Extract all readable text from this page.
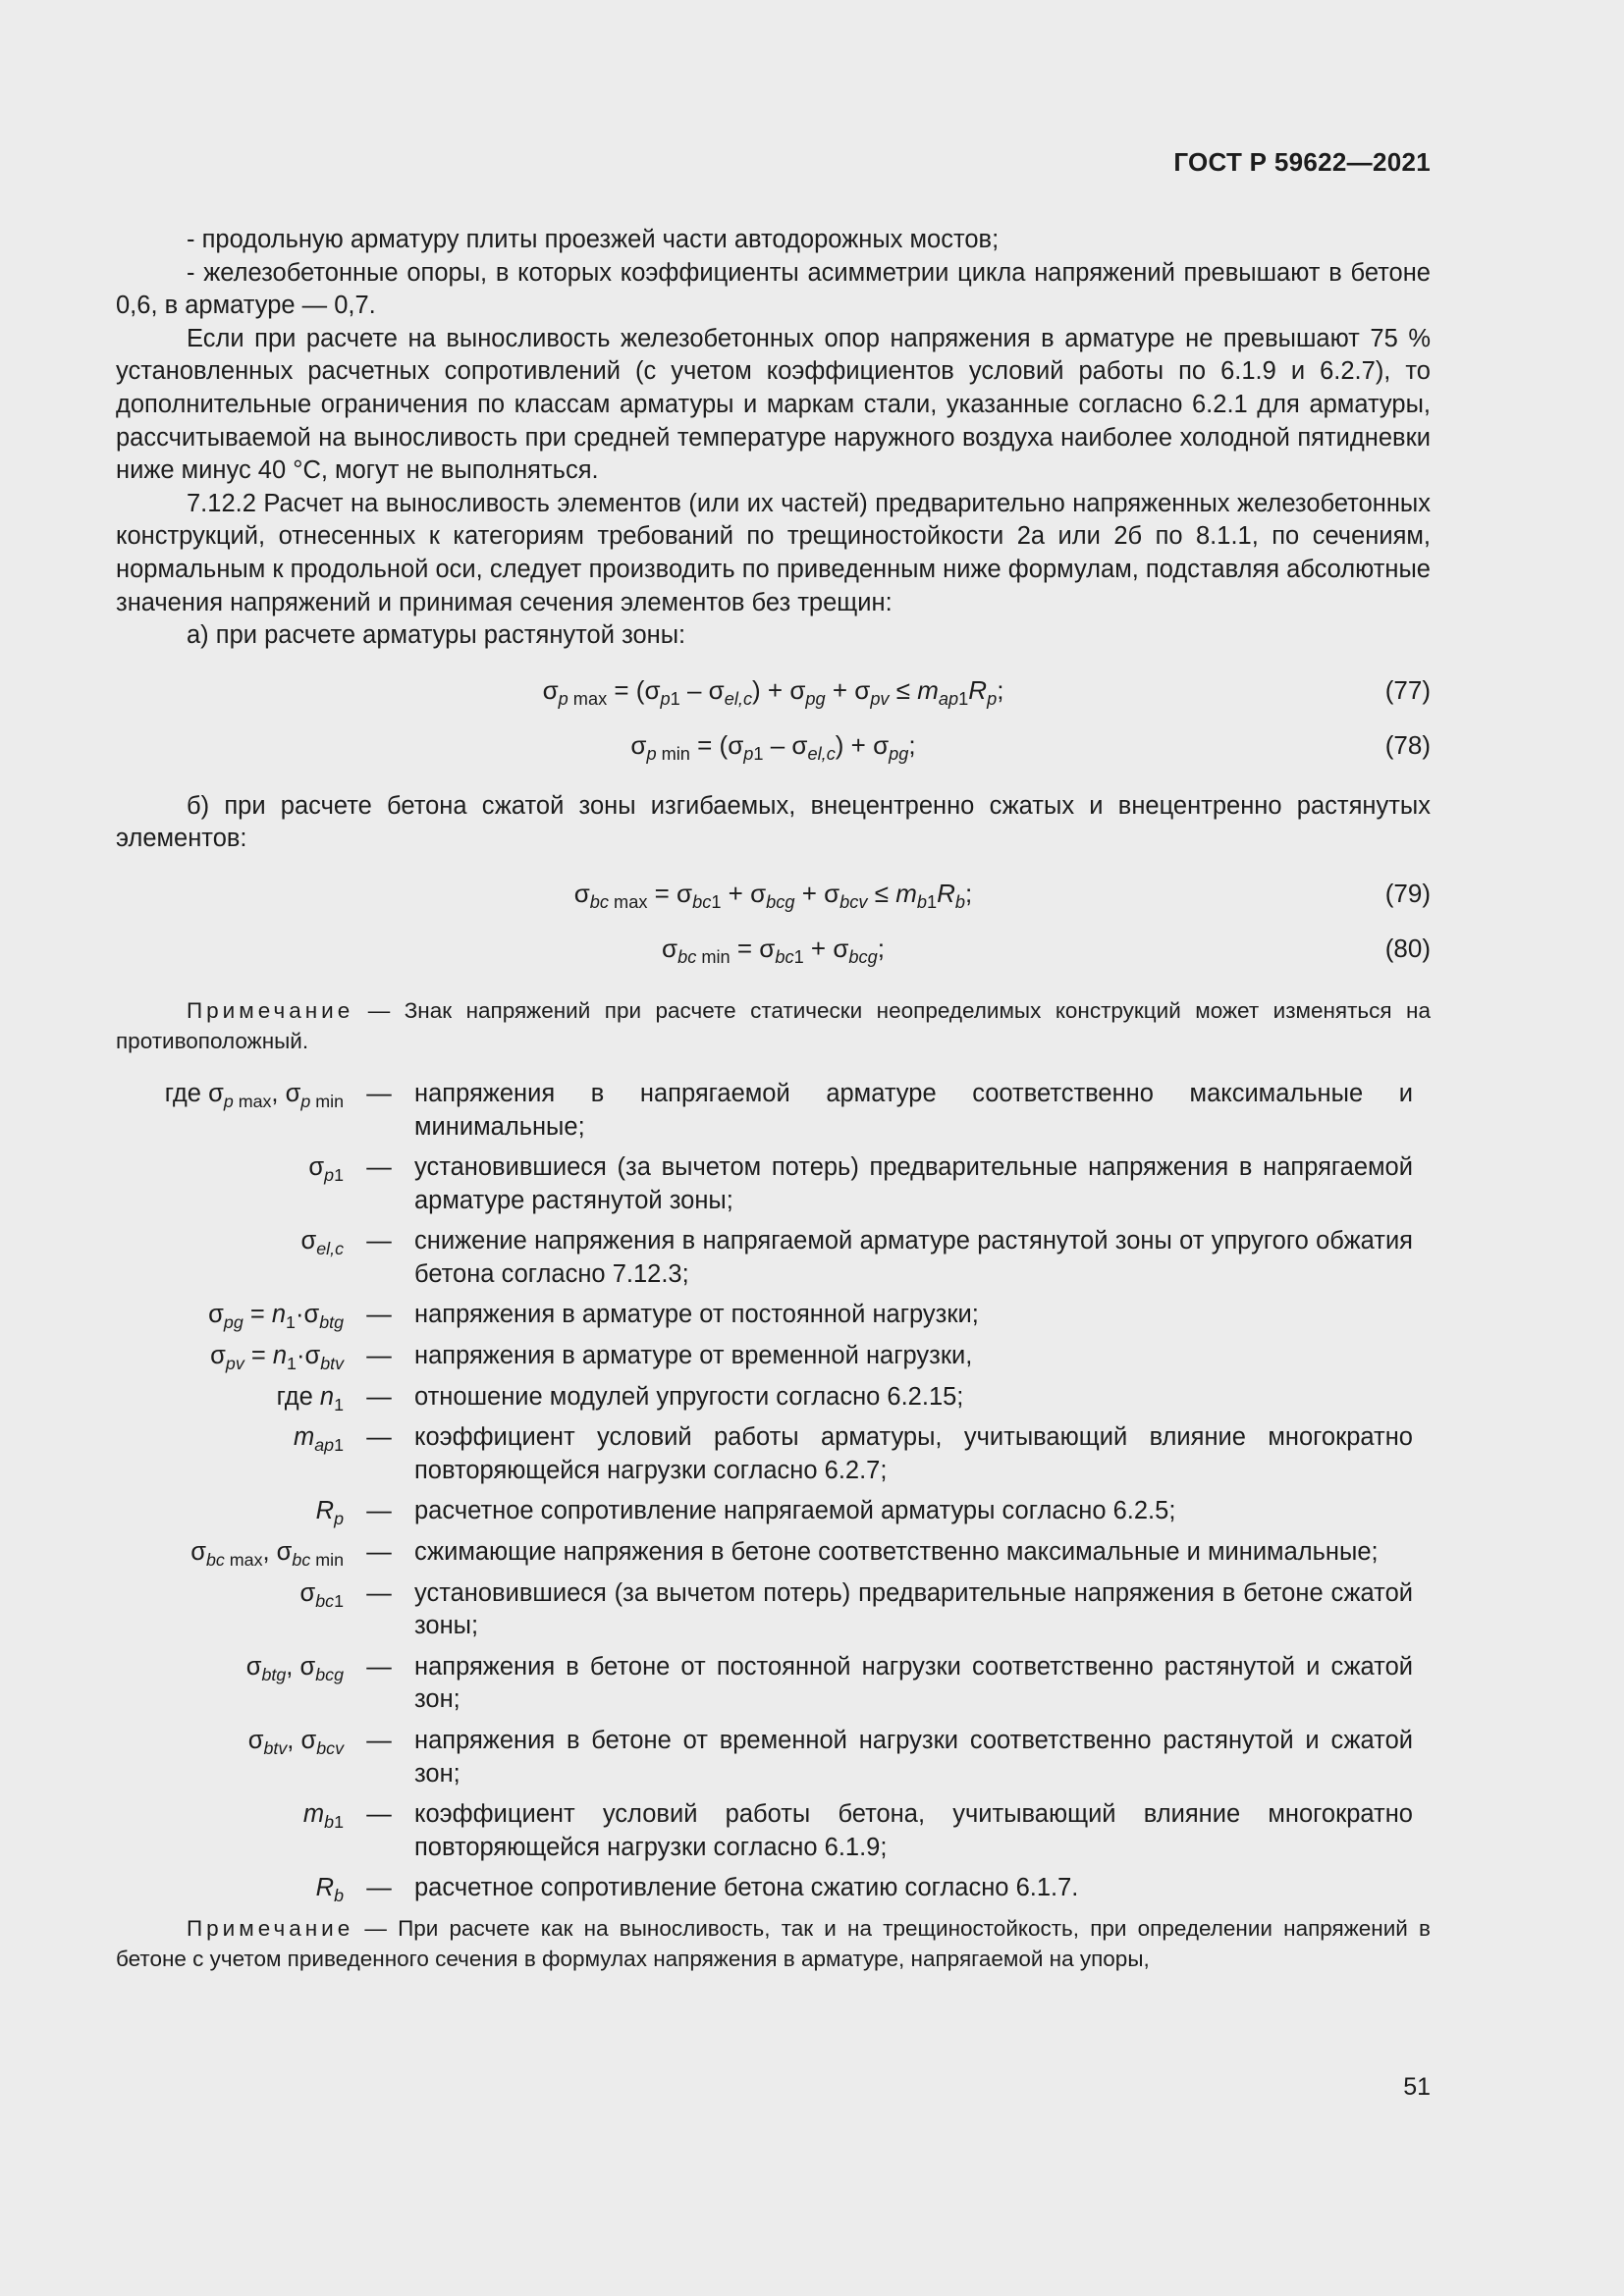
ГОСТ Р 59622—2021

- продольную арматуру плиты проезжей части автодорожных мостов;

- железобетонные опоры, в которых коэффициенты асимметрии цикла напряжений превышают в бетоне 0,6, в арматуре — 0,7.

Если при расчете на выносливость железобетонных опор напряжения в арматуре не превышают 75 % установленных расчетных сопротивлений (с учетом коэффициентов условий работы по 6.1.9 и 6.2.7), то дополнительные ограничения по классам арматуры и маркам стали, указанные согласно 6.2.1 для арматуры, рассчитываемой на выносливость при средней температуре наружного воздуха наиболее холодной пятидневки ниже минус 40 °С, могут не выполняться.

7.12.2 Расчет на выносливость элементов (или их частей) предварительно напряженных железобетонных конструкций, отнесенных к категориям требований по трещиностойкости 2а или 2б по 8.1.1, по сечениям, нормальным к продольной оси, следует производить по приведенным ниже формулам, подставляя абсолютные значения напряжений и принимая сечения элементов без трещин:

а) при расчете арматуры растянутой зоны:

$\sigma_{p max} = (\sigma_{p1} - \sigma_{el,c}) + \sigma_{pg} + \sigma_{pv} \le m_{ap1}R_p$;	(77)
$\sigma_{p min} = (\sigma_{p1} - \sigma_{el,c}) + \sigma_{pg}$;	(78)

б) при расчете бетона сжатой зоны изгибаемых, внецентренно сжатых и внецентренно растянутых элементов:

$\sigma_{bc max} = \sigma_{bc1} + \sigma_{bcg} + \sigma_{bcv} \le m_{b1}R_b$;	(79)
$\sigma_{bc min} = \sigma_{bc1} + \sigma_{bcg}$;	(80)

Примечание — Знак напряжений при расчете статически неопределимых конструкций может изменяться на противоположный.

где $\sigma_{p max}$, $\sigma_{p min}$ — напряжения в напрягаемой арматуре соответственно максимальные и минимальные;
$\sigma_{p1}$ — установившиеся (за вычетом потерь) предварительные напряжения в напрягаемой арматуре растянутой зоны;
$\sigma_{el,c}$ — снижение напряжения в напрягаемой арматуре растянутой зоны от упругого обжатия бетона согласно 7.12.3;
$\sigma_{pg} = n_1\cdot\sigma_{btg}$ — напряжения в арматуре от постоянной нагрузки;
$\sigma_{pv} = n_1\cdot\sigma_{btv}$ — напряжения в арматуре от временной нагрузки,
где $n_1$ — отношение модулей упругости согласно 6.2.15;
$m_{ap1}$ — коэффициент условий работы арматуры, учитывающий влияние многократно повторяющейся нагрузки согласно 6.2.7;
$R_p$ — расчетное сопротивление напрягаемой арматуры согласно 6.2.5;
$\sigma_{bc max}$, $\sigma_{bc min}$ — сжимающие напряжения в бетоне соответственно максимальные и минимальные;
$\sigma_{bc1}$ — установившиеся (за вычетом потерь) предварительные напряжения в бетоне сжатой зоны;
$\sigma_{btg}$, $\sigma_{bcg}$ — напряжения в бетоне от постоянной нагрузки соответственно растянутой и сжатой зон;
$\sigma_{btv}$, $\sigma_{bcv}$ — напряжения в бетоне от временной нагрузки соответственно растянутой и сжатой зон;
$m_{b1}$ — коэффициент условий работы бетона, учитывающий влияние многократно повторяющейся нагрузки согласно 6.1.9;
$R_b$ — расчетное сопротивление бетона сжатию согласно 6.1.7.

Примечание — При расчете как на выносливость, так и на трещиностойкость, при определении напряжений в бетоне с учетом приведенного сечения в формулах напряжения в арматуре, напрягаемой на упоры,

51
